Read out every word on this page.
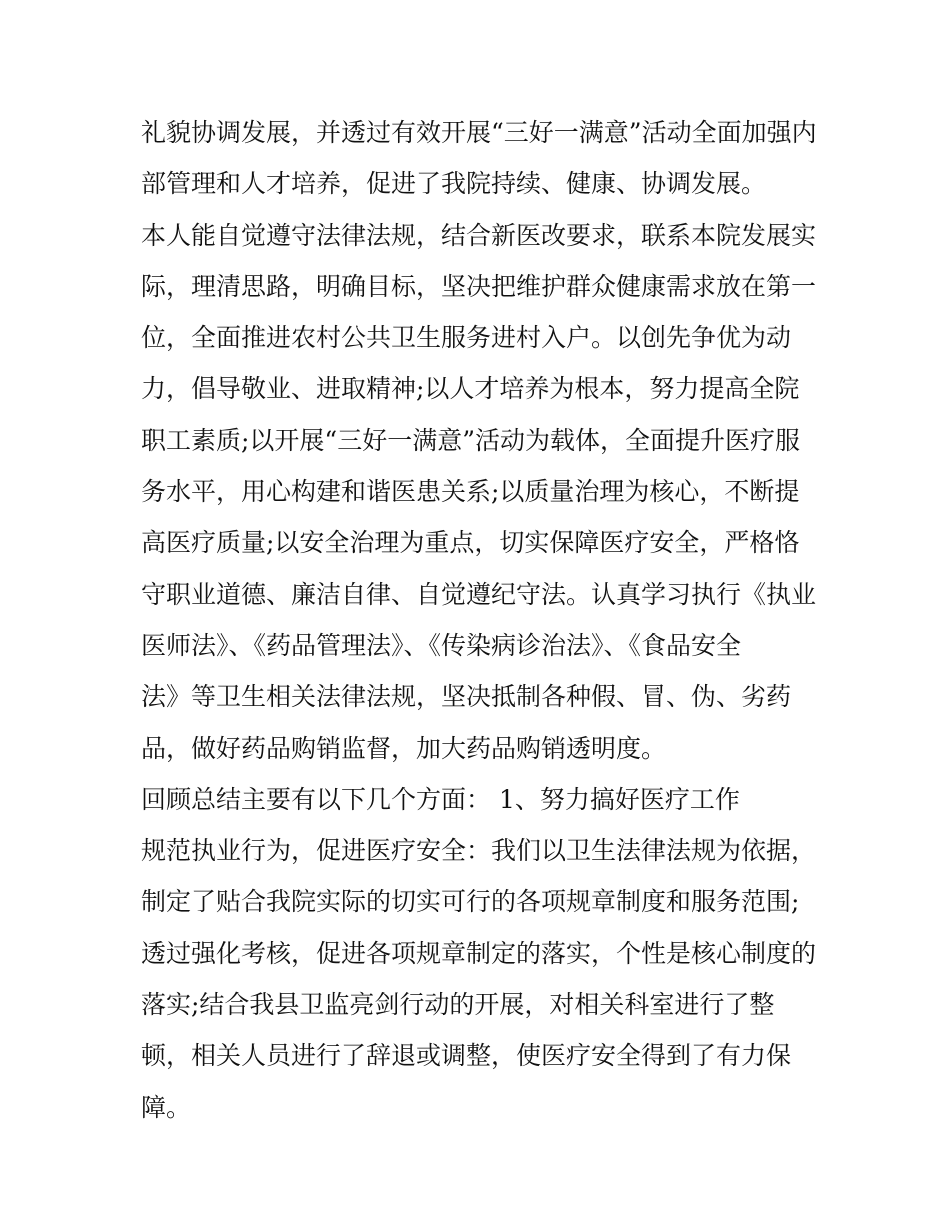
礼貌协调发展，并透过有效开展“三好一满意”活动全面加强内
部管理和人才培养，促进了我院持续、健康、协调发展。
本人能自觉遵守法律法规，结合新医改要求，联系本院发展实
际，理清思路，明确目标，坚决把维护群众健康需求放在第一
位，全面推进农村公共卫生服务进村入户。以创先争优为动
力，倡导敬业、进取精神;以人才培养为根本，努力提高全院
职工素质;以开展“三好一满意”活动为载体，全面提升医疗服
务水平，用心构建和谐医患关系;以质量治理为核心，不断提
高医疗质量;以安全治理为重点，切实保障医疗安全，严格恪
守职业道德、廉洁自律、自觉遵纪守法。认真学习执行《执业
医师法》、《药品管理法》、《传染病诊治法》、《食品安全
法》等卫生相关法律法规，坚决抵制各种假、冒、伪、劣药
品，做好药品购销监督，加大药品购销透明度。
回顾总结主要有以下几个方面： 1、努力搞好医疗工作
规范执业行为，促进医疗安全：我们以卫生法律法规为依据，
制定了贴合我院实际的切实可行的各项规章制度和服务范围;
透过强化考核，促进各项规章制定的落实，个性是核心制度的
落实;结合我县卫监亮剑行动的开展，对相关科室进行了整
顿，相关人员进行了辞退或调整，使医疗安全得到了有力保
障。
